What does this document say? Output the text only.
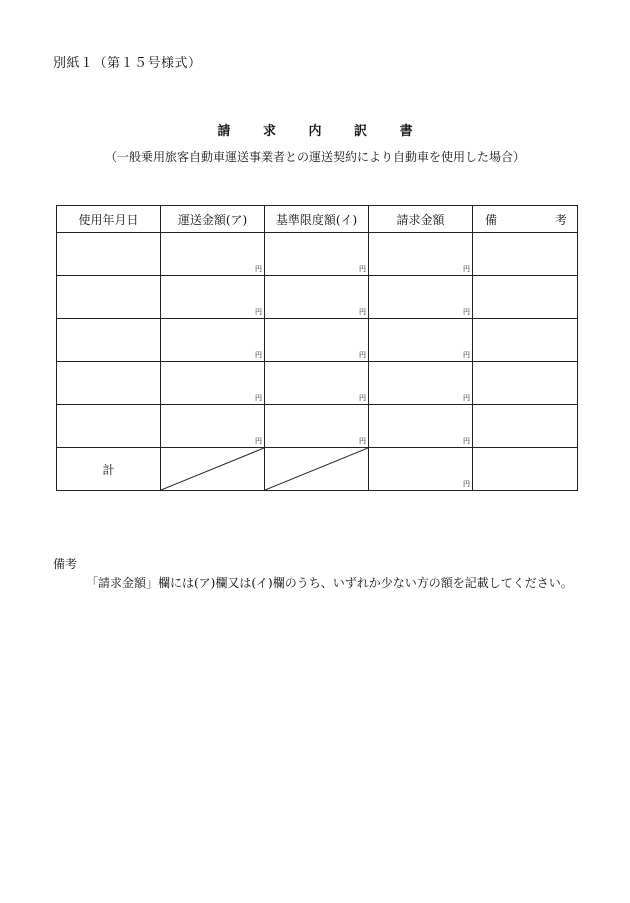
別紙１（第１５号様式）
請	求	内	訳	書
（一般乗用旅客自動車運送事業者との運送契約により自動車を使用した場合）
使用年月日	運送金額(ア)	基準限度額(イ)	請求金額	備 考

	円	円	円	

	円	円	円	

	円	円	円	

	円	円	円	

	円	円	円	

計			円	

備考
「請求金額」欄には(ア)欄又は(イ)欄のうち、いずれか少ない方の額を記載してください。
